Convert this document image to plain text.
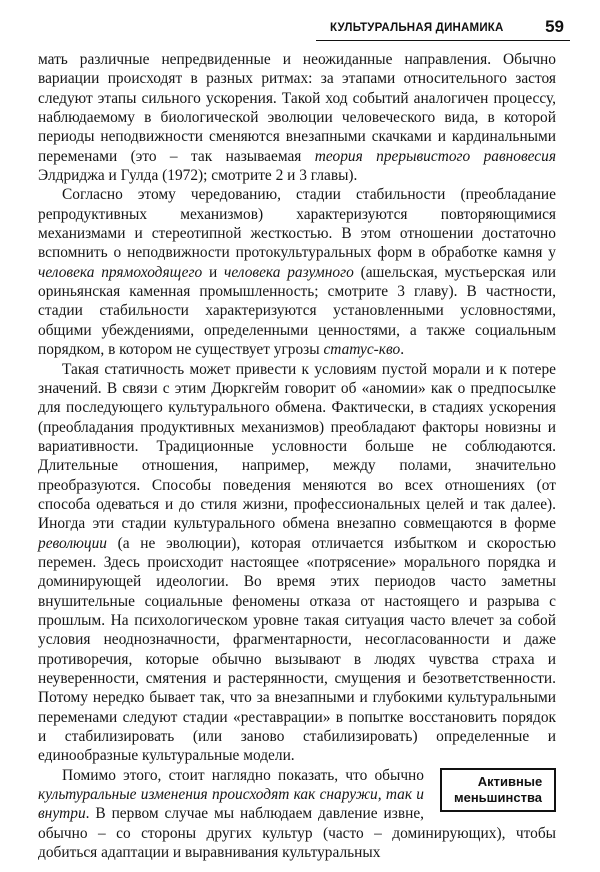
КУЛЬТУРАЛЬНАЯ ДИНАМИКА 59

мать различные непредвиденные и неожиданные направления. Обычно вариации происходят в разных ритмах: за этапами относительного застоя следуют этапы сильного ускорения. Такой ход событий аналогичен процессу, наблюдаемому в биологической эволюции человеческого вида, в которой периоды неподвижности сменяются внезапными скачками и кардинальными переменами (это – так называемая теория прерывистого равновесия Элдриджа и Гулда (1972); смотрите 2 и 3 главы).

Согласно этому чередованию, стадии стабильности (преобладание репродуктивных механизмов) характеризуются повторяющимися механизмами и стереотипной жесткостью. В этом отношении достаточно вспомнить о неподвижности протокультуральных форм в обработке камня у человека прямоходящего и человека разумного (ашельская, мустьерская или ориньянская каменная промышленность; смотрите 3 главу). В частности, стадии стабильности характеризуются установленными условностями, общими убеждениями, определенными ценностями, а также социальным порядком, в котором не существует угрозы статус-кво.

Такая статичность может привести к условиям пустой морали и к потере значений. В связи с этим Дюркгейм говорит об «аномии» как о предпосылке для последующего культурального обмена. Фактически, в стадиях ускорения (преобладания продуктивных механизмов) преобладают факторы новизны и вариативности. Традиционные условности больше не соблюдаются. Длительные отношения, например, между полами, значительно преобразуются. Способы поведения меняются во всех отношениях (от способа одеваться и до стиля жизни, профессиональных целей и так далее). Иногда эти стадии культурального обмена внезапно совмещаются в форме революции (а не эволюции), которая отличается избытком и скоростью перемен. Здесь происходит настоящее «потрясение» морального порядка и доминирующей идеологии. Во время этих периодов часто заметны внушительные социальные феномены отказа от настоящего и разрыва с прошлым. На психологическом уровне такая ситуация часто влечет за собой условия неоднозначности, фрагментарности, несогласованности и даже противоречия, которые обычно вызывают в людях чувства страха и неуверенности, смятения и растерянности, смущения и безответственности. Потому нередко бывает так, что за внезапными и глубокими культуральными переменами следуют стадии «реставрации» в попытке восстановить порядок и стабилизировать (или заново стабилизировать) определенные и единообразные культуральные модели.

Активные
меньшинства
Помимо этого, стоит наглядно показать, что обычно культуральные изменения происходят как снаружи, так и внутри. В первом случае мы наблюдаем давление извне, обычно – со стороны других культур (часто – доминирующих), чтобы добиться адаптации и выравнивания культуральных
